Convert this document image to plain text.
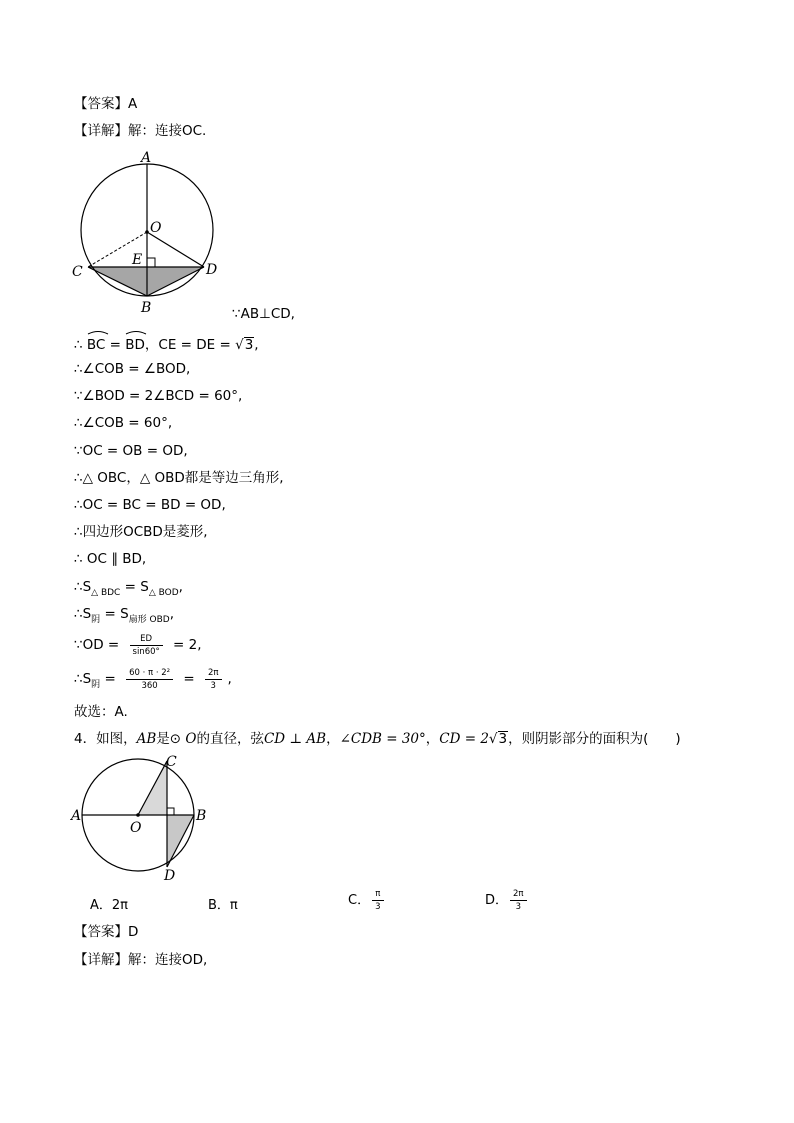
【答案】A
【详解】解：连接OC.
A
O
C	D
E
B	∵AB⊥CD,
∴
BC =
BD，CE = DE = √3,
∴∠COB = ∠BOD,
∵∠BOD = 2∠BCD = 60°,
∴∠COB = 60°,
∵OC = OB = OD,
∴△ OBC，△ OBD都是等边三角形,
∴OC = BC = BD = OD,
∴四边形OCBD是菱形,
∴ OC ∥ BD,
$\therefore S_{\triangle BDC} = S_{\triangle BOD}$,
$\therefore S_阴 = S_{扇形 OBD}$,
∵OD = $\frac{ED}{\sin 60^\circ} = 2$,
$\therefore S_阴 = \frac{\text{60 · π · 2²}}{360} = \frac{2\pi}{3}$ ,
故选：A.
4．如图，AB是⊙ O的直径，弦CD ⊥ AB，∠CDB = 30°，CD = 2√3，则阴影部分的面积为(　　)
A	B
C
D
O
A．2π	B．π	C． $\frac{\pi}{3}$	D． $\frac{2\pi}{3}$
【答案】D
【详解】解：连接OD,
